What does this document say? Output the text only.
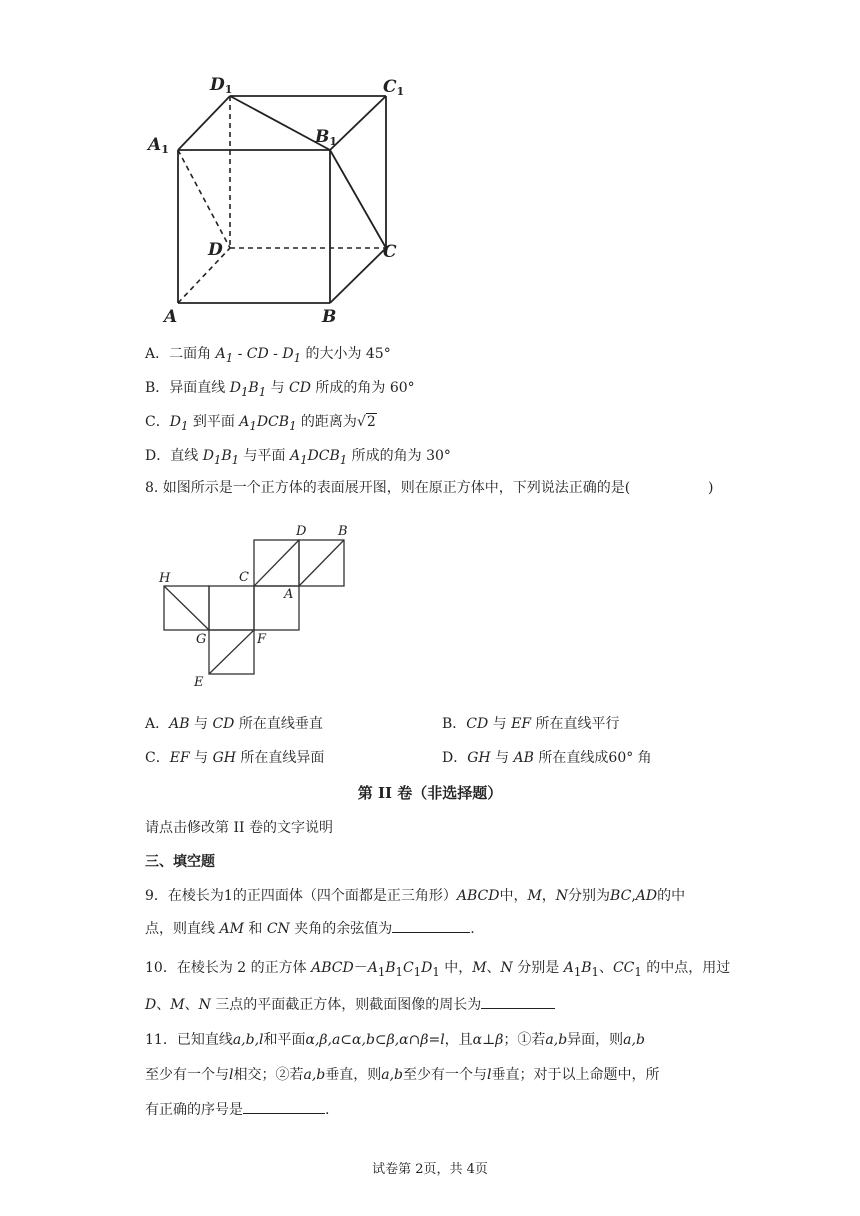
D1	C1
A1
B1
D	C
A	B
A．二面角 $A_1$ - CD - $D_1$ 的大小为 45°
B．异面直线 $D_1B_1$ 与 CD 所成的角为 60°
C．$D_1$ 到平面 $A_1DCB_1$ 的距离为√2
D．直线 $D_1B_1$ 与平面 $A_1DCB_1$ 所成的角为 30°
8. 如图所示是一个正方体的表面展开图，则在原正方体中，下列说法正确的是(	)
D B
H	C
A
G	F
E
A．AB 与 CD 所在直线垂直	B．CD 与 EF 所在直线平行
C．EF 与 GH 所在直线异面	D．GH 与 AB 所在直线成60° 角
第 II 卷（非选择题）
请点击修改第 II 卷的文字说明
三、填空题
9．在棱长为1的正四面体（四个面都是正三角形）ABCD中，M，N分别为BC,AD的中
点，则直线 AM 和 CN 夹角的余弦值为	.
10．在棱长为 2 的正方体 $ABCD-A_1B_1C_1D_1$ 中，M、N 分别是 $A_1B_1$、$CC_1$ 的中点，用过
D、M、N 三点的平面截正方体，则截面图像的周长为
11．已知直线a,b,l和平面α,β,a⊂α,b⊂β,α∩β=l，且α⊥β；①若a,b异面，则a,b
至少有一个与l相交；②若a,b垂直，则a,b至少有一个与l垂直；对于以上命题中，所
有正确的序号是	.
试卷第 2页，共 4页
